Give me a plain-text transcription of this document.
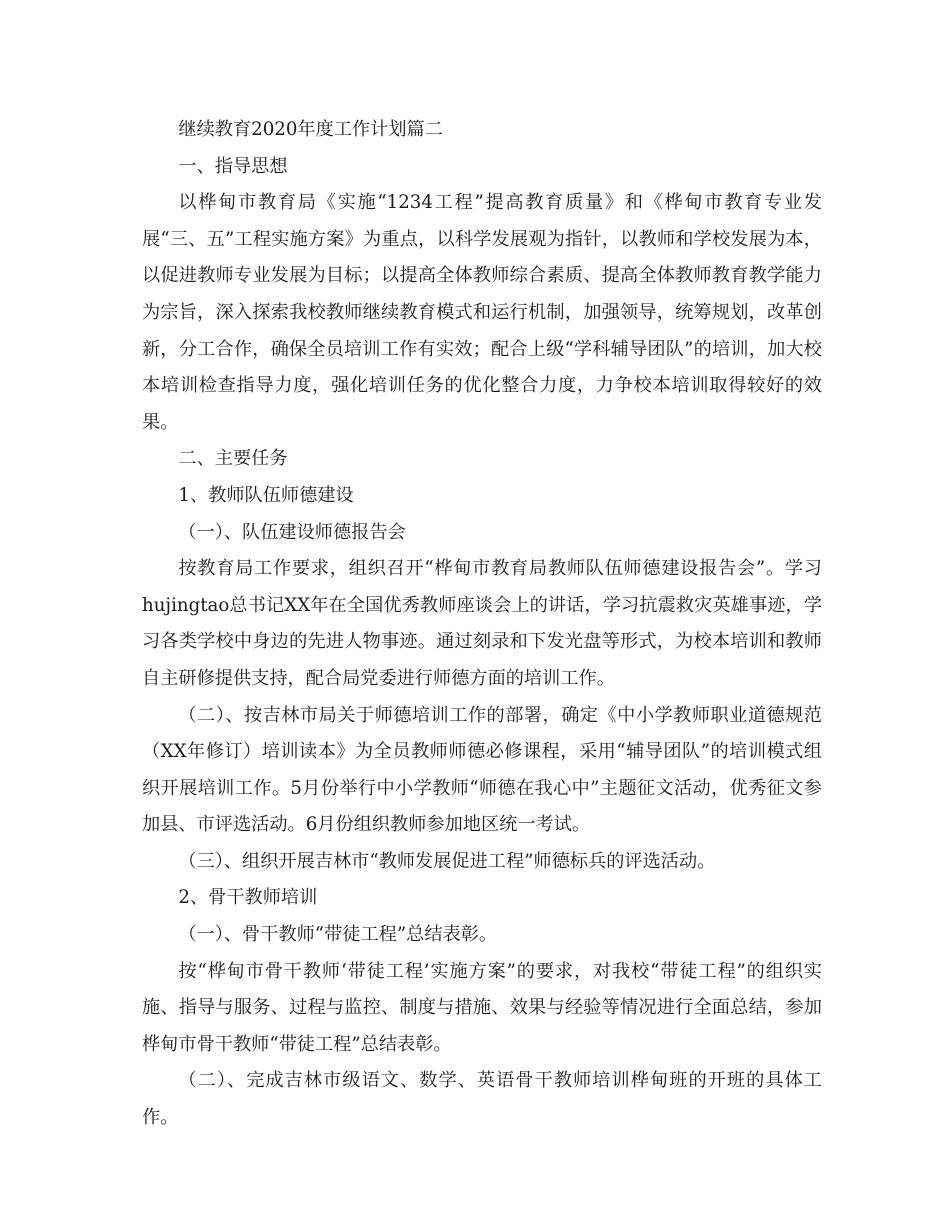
继续教育2020年度工作计划篇二

一、指导思想

以桦甸市教育局《实施“1234工程”提高教育质量》和《桦甸市教育专业发展“三、五”工程实施方案》为重点，以科学发展观为指针，以教师和学校发展为本，以促进教师专业发展为目标；以提高全体教师综合素质、提高全体教师教育教学能力为宗旨，深入探索我校教师继续教育模式和运行机制，加强领导，统筹规划，改革创新，分工合作，确保全员培训工作有实效；配合上级“学科辅导团队”的培训，加大校本培训检查指导力度，强化培训任务的优化整合力度，力争校本培训取得较好的效果。

二、主要任务

1、教师队伍师德建设

（一）、队伍建设师德报告会

按教育局工作要求，组织召开“桦甸市教育局教师队伍师德建设报告会”。学习hujingtao总书记XX年在全国优秀教师座谈会上的讲话，学习抗震救灾英雄事迹，学习各类学校中身边的先进人物事迹。通过刻录和下发光盘等形式，为校本培训和教师自主研修提供支持，配合局党委进行师德方面的培训工作。

（二）、按吉林市局关于师德培训工作的部署，确定《中小学教师职业道德规范（XX年修订）培训读本》为全员教师师德必修课程，采用“辅导团队”的培训模式组织开展培训工作。5月份举行中小学教师“师德在我心中”主题征文活动，优秀征文参加县、市评选活动。6月份组织教师参加地区统一考试。

（三）、组织开展吉林市“教师发展促进工程”师德标兵的评选活动。

2、骨干教师培训

（一）、骨干教师“带徒工程”总结表彰。

按“桦甸市骨干教师‘带徒工程’实施方案”的要求，对我校“带徒工程”的组织实施、指导与服务、过程与监控、制度与措施、效果与经验等情况进行全面总结，参加桦甸市骨干教师“带徒工程”总结表彰。

（二）、完成吉林市级语文、数学、英语骨干教师培训桦甸班的开班的具体工作。
